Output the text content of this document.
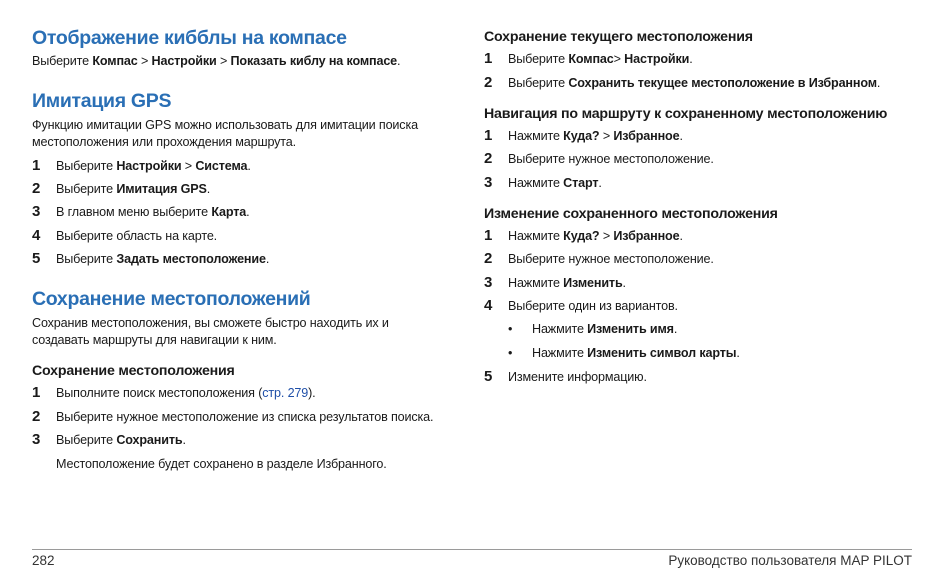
Отображение кибблы на компасе
Выберите Компас > Настройки > Показать киблу на компасе.
Имитация GPS

Функцию имитации GPS можно использовать для имитации поиска местоположения или прохождения маршрута.

1 Выберите Настройки > Система.
2 Выберите Имитация GPS.
3 В главном меню выберите Карта.
4 Выберите область на карте.
5 Выберите Задать местоположение.
Сохранение местоположений

Сохранив местоположения, вы сможете быстро находить их и создавать маршруты для навигации к ним.

Сохранение местоположения
1 Выполните поиск местоположения (стр. 279).
2 Выберите нужное местоположение из списка результатов поиска.
3 Выберите Сохранить.
Местоположение будет сохранено в разделе Избранного.
Сохранение текущего местоположения
1 Выберите Компас> Настройки.
2 Выберите Сохранить текущее местоположение в Избранном.
Навигация по маршруту к сохраненному местоположению
1 Нажмите Куда? > Избранное.
2 Выберите нужное местоположение.
3 Нажмите Старт.
Изменение сохраненного местоположения
1 Нажмите Куда? > Избранное.
2 Выберите нужное местоположение.
3 Нажмите Изменить.
4 Выберите один из вариантов.
• Нажмите Изменить имя.
• Нажмите Изменить символ карты.
5 Измените информацию.
282	Руководство пользователя MAP PILOT
